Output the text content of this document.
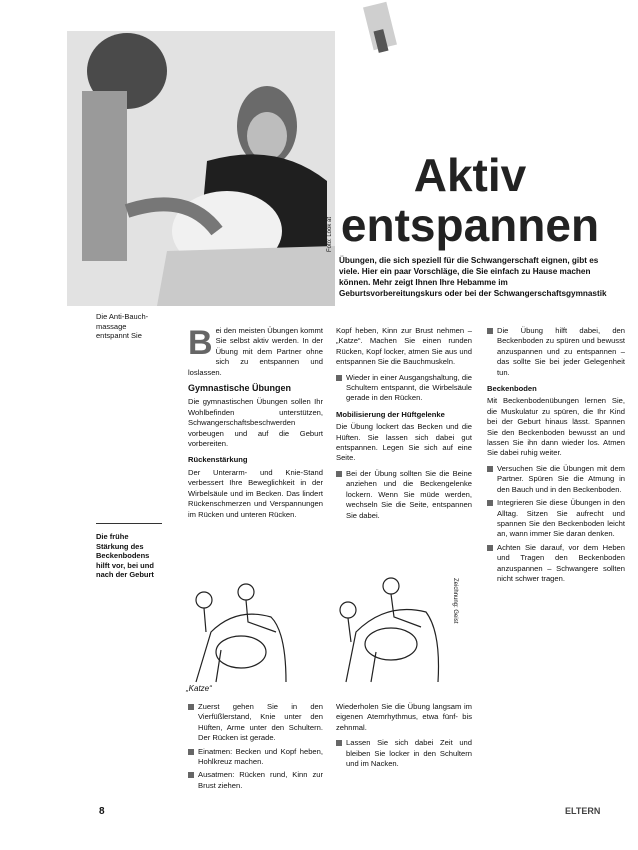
Foto: Look at
Aktiv
entspannen
Übungen, die sich speziell für die Schwangerschaft eignen, gibt es viele. Hier ein paar Vorschläge, die Sie einfach zu Hause machen können. Mehr zeigt Ihnen Ihre Hebamme im Geburtsvorbereitungskurs oder bei der Schwangerschaftsgymnastik
Die Anti-Bauch-massage entspannt Sie
Die frühe Stärkung des Beckenbodens hilft vor, bei und nach der Geburt

Bei den meisten Übungen kommt Sie selbst aktiv werden. In der Übung mit dem Partner ohne sich zu entspannen und loslassen.

Gymnastische Übungen

Die gymnastischen Übungen sollen Ihr Wohlbefinden unterstützen, Schwangerschaftsbeschwerden vorbeugen und auf die Geburt vorbereiten.

Rückenstärkung

Der Unterarm- und Knie-Stand verbessert Ihre Beweglichkeit in der Wirbelsäule und im Becken. Das lindert Rückenschmerzen und Verspannungen im Rücken und unteren Rücken.

Kopf heben, Kinn zur Brust nehmen – „Katze“. Machen Sie einen runden Rücken, Kopf locker, atmen Sie aus und entspannen Sie die Bauchmuskeln.

Wieder in einer Ausgangshaltung, die Schultern entspannt, die Wirbelsäule gerade in den Rücken.
Mobilisierung der Hüftgelenke

Die Übung lockert das Becken und die Hüften. Sie lassen sich dabei gut entspannen. Legen Sie sich auf eine Seite.

Bei der Übung sollten Sie die Beine anziehen und die Beckengelenke lockern. Wenn Sie müde werden, wechseln Sie die Seite, entspannen Sie dabei.
Die Übung hilft dabei, den Beckenboden zu spüren und bewusst anzuspannen und zu entspannen – das sollte Sie bei jeder Gelegenheit tun.
Beckenboden

Mit Beckenbodenübungen lernen Sie, die Muskulatur zu spüren, die Ihr Kind bei der Geburt hinaus lässt. Spannen Sie den Beckenboden bewusst an und lassen Sie ihn dann wieder los. Atmen Sie dabei ruhig weiter.

Versuchen Sie die Übungen mit dem Partner. Spüren Sie die Atmung in den Bauch und in den Beckenboden.
Integrieren Sie diese Übungen in den Alltag. Sitzen Sie aufrecht und spannen Sie den Beckenboden leicht an, wann immer Sie daran denken.
Achten Sie darauf, vor dem Heben und Tragen den Beckenboden anzuspannen – Schwangere sollten nicht schwer tragen.
Zeichnung: Geist
„Katze“
Zuerst gehen Sie in den Vierfüßlerstand, Knie unter den Hüften, Arme unter den Schultern. Der Rücken ist gerade.
Einatmen: Becken und Kopf heben, Hohlkreuz machen.
Ausatmen: Rücken rund, Kinn zur Brust ziehen.

Wiederholen Sie die Übung langsam im eigenen Atemrhythmus, etwa fünf- bis zehnmal.

Lassen Sie sich dabei Zeit und bleiben Sie locker in den Schultern und im Nacken.
8	ELTERN
